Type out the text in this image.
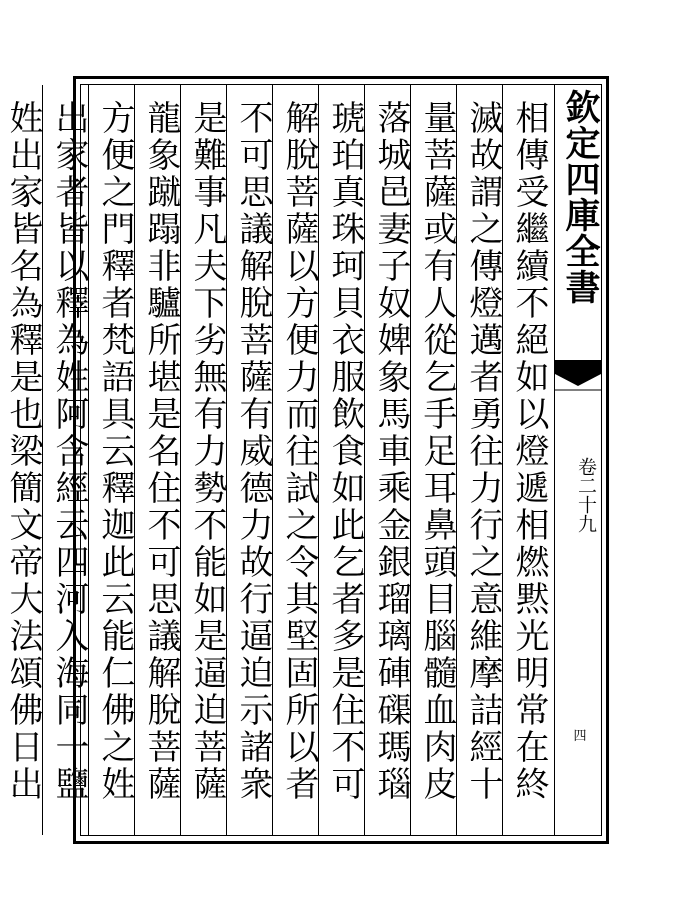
欽定四庫全書
卷二十九
四
相傳受繼續不絕如以燈遞相燃黙光明常在終
滅故謂之傳燈邁者勇往力行之意維摩詰經十
量菩薩或有人從乞手足耳鼻頭目腦髓血肉皮
落城邑妻子奴婢象馬車乘金銀瑠璃硨磲瑪瑙
琥珀真珠珂貝衣服飲食如此乞者多是住不可
解脫菩薩以方便力而往試之令其堅固所以者
不可思議解脫菩薩有威德力故行逼迫示諸衆
是難事凡夫下劣無有力勢不能如是逼迫菩薩
龍象蹴蹋非驢所堪是名住不可思議解脫菩薩
方便之門釋者梵語具云釋迦此云能仁佛之姓
出家者皆以釋為姓阿含經云四河入海同一鹽
姓出家皆名為釋是也梁簡文帝大法頌佛日出
